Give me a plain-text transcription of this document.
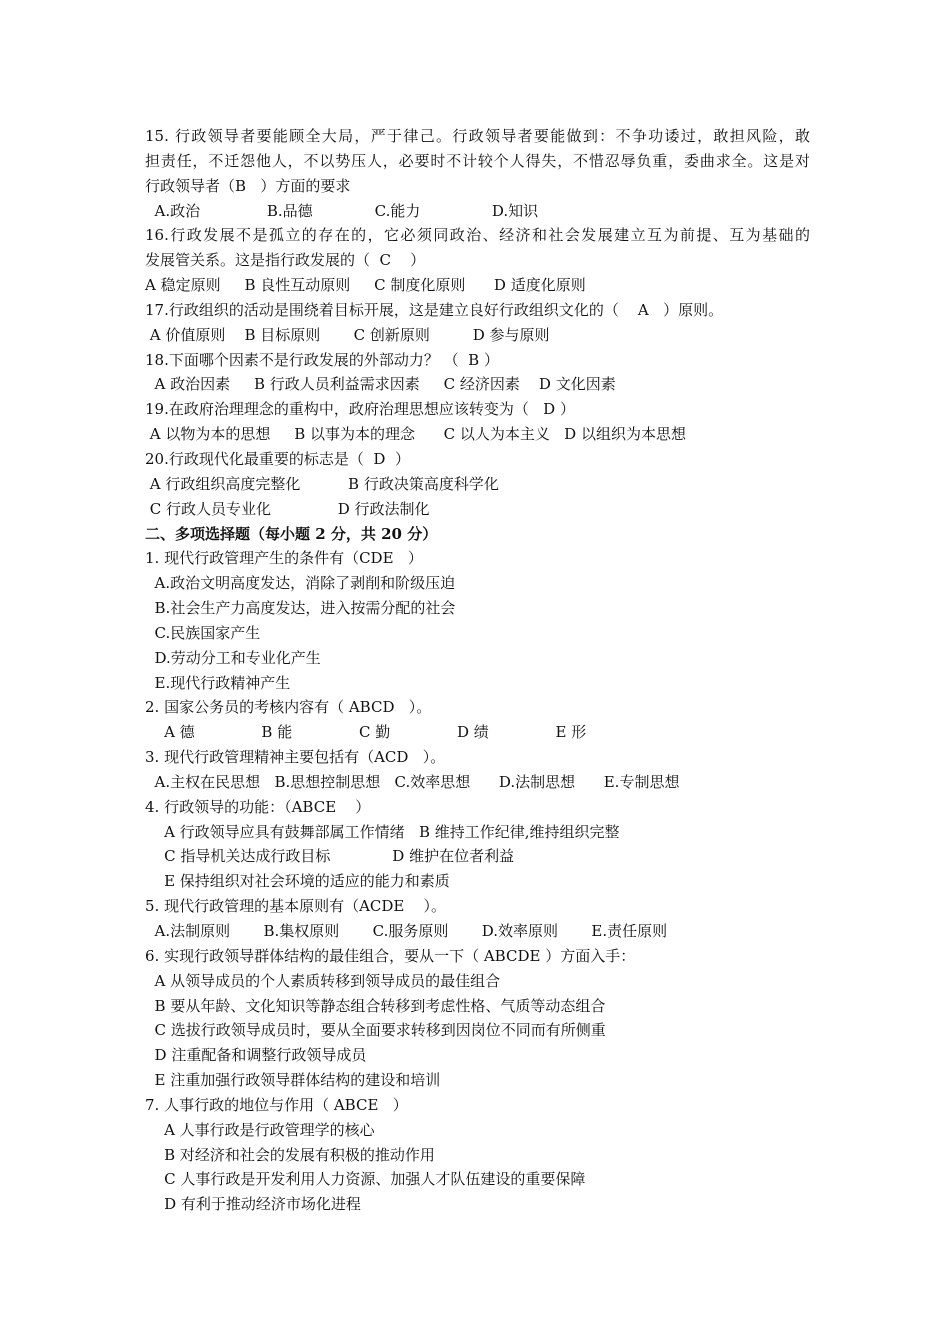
15. 行政领导者要能顾全大局，严于律己。行政领导者要能做到：不争功诿过，敢担风险，敢
担责任，不迁怨他人，不以势压人，必要时不计较个人得失，不惜忍辱负重，委曲求全。这是对
行政领导者（B   ）方面的要求
A.政治              B.品德             C.能力               D.知识
16.行政发展不是孤立的存在的，它必须同政治、经济和社会发展建立互为前提、互为基础的
发展管关系。这是指行政发展的（  C    ）
A 稳定原则     B 良性互动原则     C 制度化原则      D 适度化原则
17.行政组织的活动是围绕着目标开展，这是建立良好行政组织文化的（    A   ）原则。
A 价值原则    B 目标原则       C 创新原则         D 参与原则
18.下面哪个因素不是行政发展的外部动力？ （  B ）
A 政治因素     B 行政人员利益需求因素     C 经济因素    D 文化因素
19.在政府治理理念的重构中，政府治理思想应该转变为（   D ）
A 以物为本的思想     B 以事为本的理念      C 以人为本主义   D 以组织为本思想
20.行政现代化最重要的标志是（  D  ）
A 行政组织高度完整化          B 行政决策高度科学化
C 行政人员专业化              D 行政法制化
二、多项选择题（每小题 2 分，共 20 分）
1. 现代行政管理产生的条件有（CDE   ）
A.政治文明高度发达，消除了剥削和阶级压迫
B.社会生产力高度发达，进入按需分配的社会
C.民族国家产生
D.劳动分工和专业化产生
E.现代行政精神产生
2. 国家公务员的考核内容有（ ABCD   ）。
A 德              B 能              C 勤              D 绩              E 形
3. 现代行政管理精神主要包括有（ACD   ）。
A.主权在民思想   B.思想控制思想   C.效率思想      D.法制思想      E.专制思想
4. 行政领导的功能：（ABCE    ）
A 行政领导应具有鼓舞部属工作情绪   B 维持工作纪律,维持组织完整
C 指导机关达成行政目标             D 维护在位者利益
E 保持组织对社会环境的适应的能力和素质
5. 现代行政管理的基本原则有（ACDE    ）。
A.法制原则       B.集权原则       C.服务原则       D.效率原则       E.责任原则
6. 实现行政领导群体结构的最佳组合，要从一下（ ABCDE ）方面入手：
A 从领导成员的个人素质转移到领导成员的最佳组合
B 要从年龄、文化知识等静态组合转移到考虑性格、气质等动态组合
C 选拔行政领导成员时，要从全面要求转移到因岗位不同而有所侧重
D 注重配备和调整行政领导成员
E 注重加强行政领导群体结构的建设和培训
7. 人事行政的地位与作用（ ABCE   ）
A 人事行政是行政管理学的核心
B 对经济和社会的发展有积极的推动作用
C 人事行政是开发利用人力资源、加强人才队伍建设的重要保障
D 有利于推动经济市场化进程
